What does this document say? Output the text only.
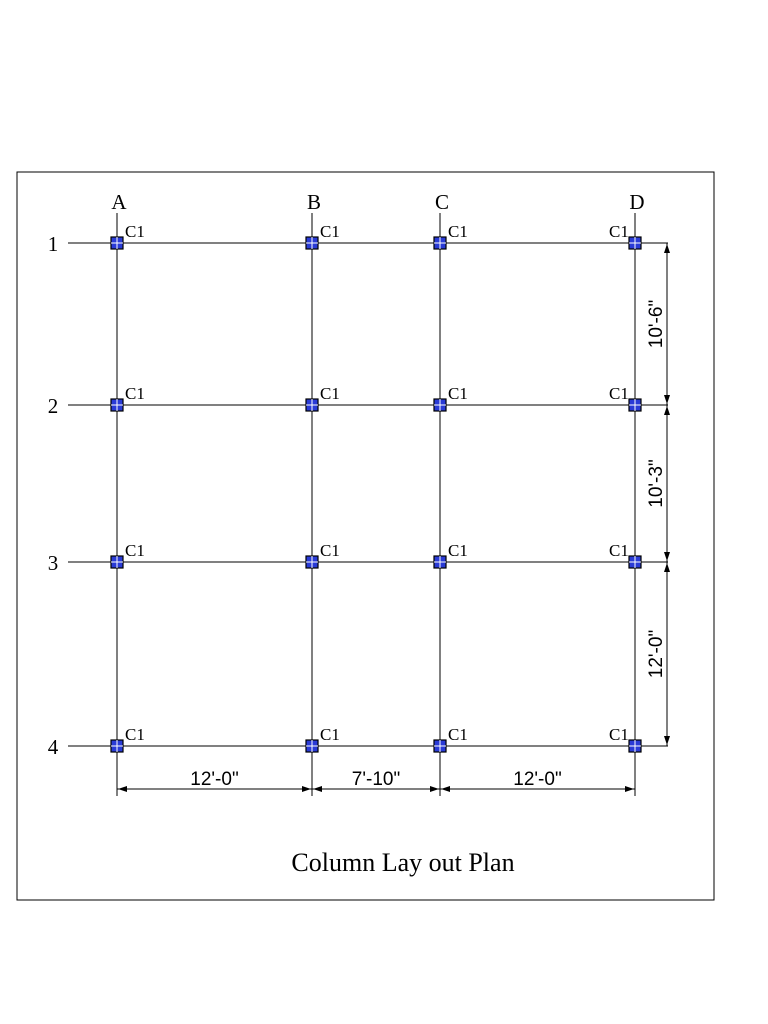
A	B	C	D
1
2
3
4
C1	C1	C1	C1
C1	C1	C1	C1
C1	C1	C1	C1
C1	C1	C1	C1
12'-0"	7'-10"	12'-0"
10'-6"
10'-3"
12'-0"
Column Lay out Plan
